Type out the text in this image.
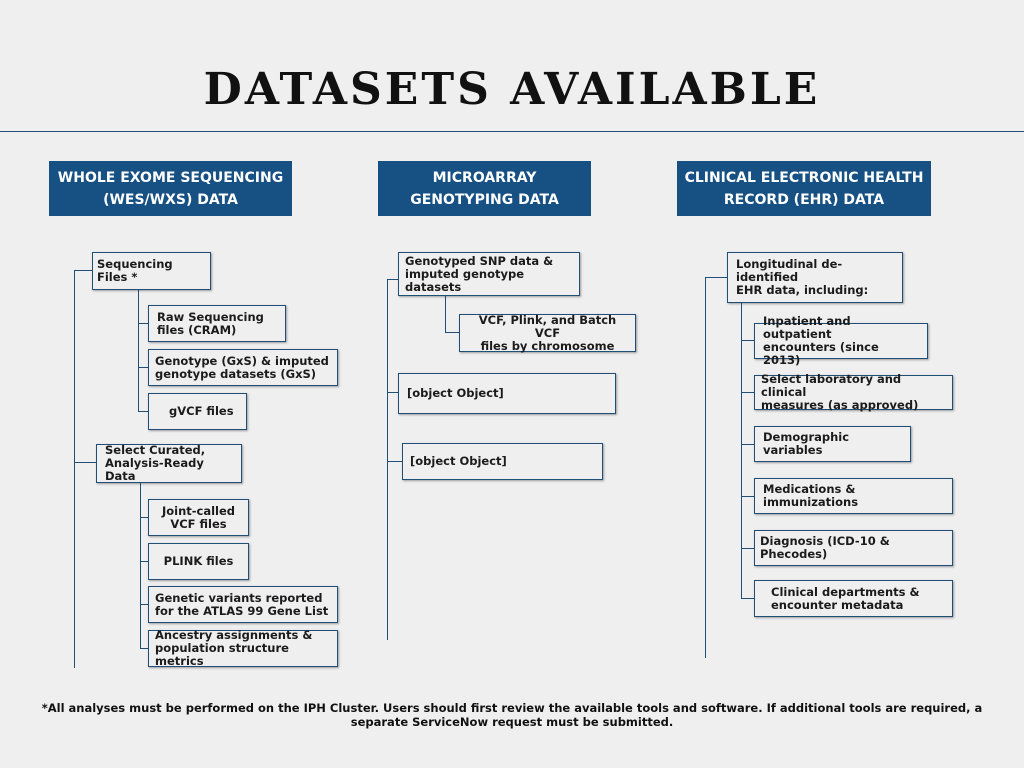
DATASETS AVAILABLE
WHOLE EXOME SEQUENCING
(WES/WXS) DATA
Sequencing Files *
Raw Sequencing
files (CRAM)
Genotype (GxS) & imputed
genotype datasets (GxS)
gVCF files
Select Curated,
Analysis-Ready Data
Joint-called
VCF files
PLINK files
Genetic variants reported
for the ATLAS 99 Gene List
Ancestry assignments &
population structure metrics
MICROARRAY
GENOTYPING DATA
Genotyped SNP data &
imputed genotype datasets
VCF, Plink, and Batch VCF
files by chromosome
[object Object]
[object Object]
CLINICAL ELECTRONIC HEALTH
RECORD (EHR) DATA
Longitudinal de-identified
EHR data, including:
Inpatient and outpatient
encounters (since 2013)
Select laboratory and clinical
measures (as approved)
Demographic variables
Medications & immunizations
Diagnosis (ICD-10 & Phecodes)
Clinical departments &
encounter metadata
*All analyses must be performed on the IPH Cluster. Users should first review the available tools and software. If additional tools are required, a separate ServiceNow request must be submitted.
